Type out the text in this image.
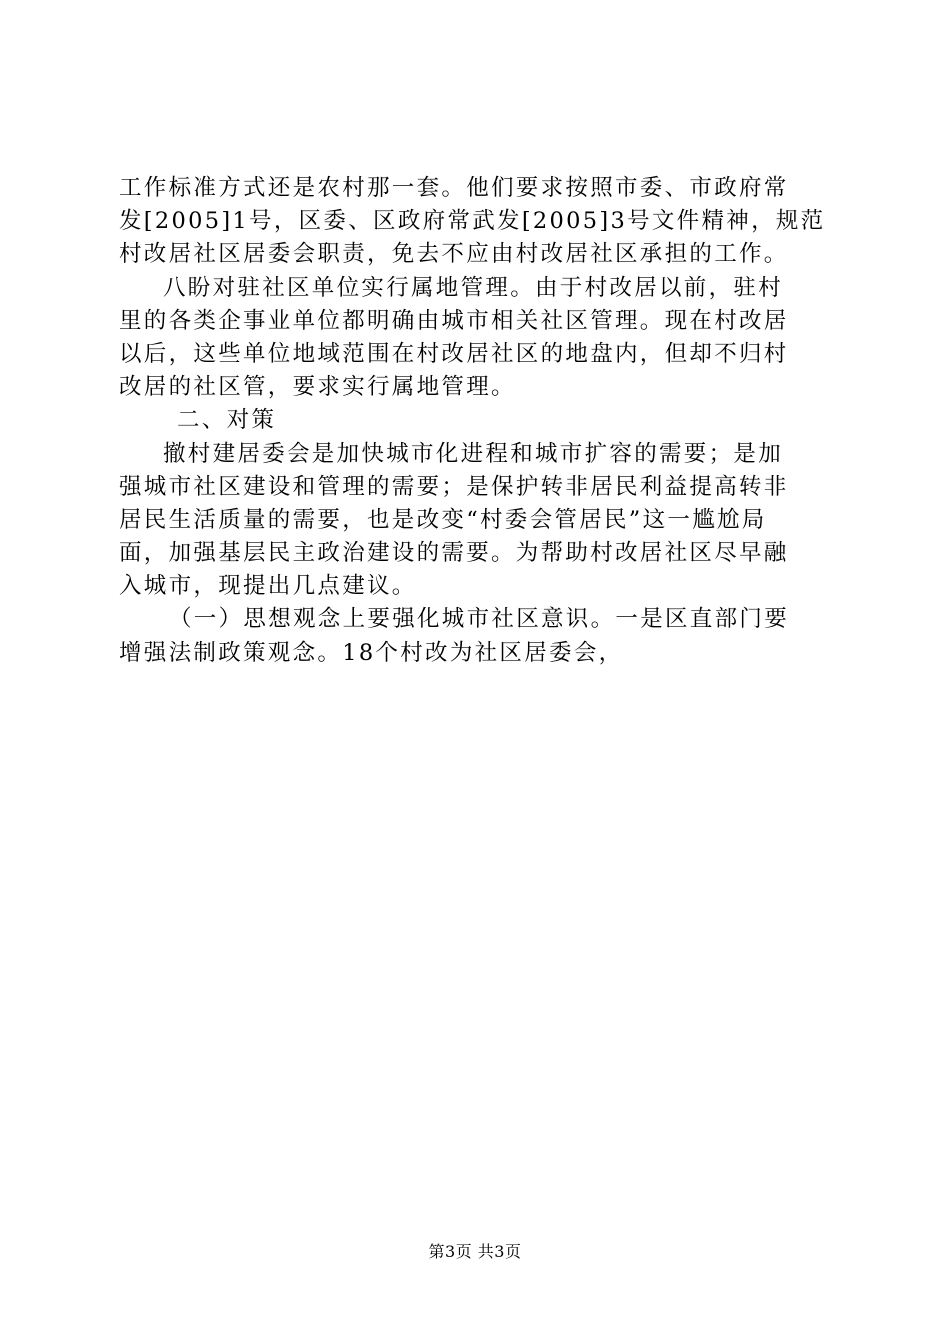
工作标准方式还是农村那一套。他们要求按照市委、市政府常
发[2005]1号，区委、区政府常武发[2005]3号文件精神，规范
村改居社区居委会职责，免去不应由村改居社区承担的工作。
八盼对驻社区单位实行属地管理。由于村改居以前，驻村
里的各类企事业单位都明确由城市相关社区管理。现在村改居
以后，这些单位地域范围在村改居社区的地盘内，但却不归村
改居的社区管，要求实行属地管理。
二、对策
撤村建居委会是加快城市化进程和城市扩容的需要；是加
强城市社区建设和管理的需要；是保护转非居民利益提高转非
居民生活质量的需要，也是改变“村委会管居民”这一尴尬局
面，加强基层民主政治建设的需要。为帮助村改居社区尽早融
入城市，现提出几点建议。
（一）思想观念上要强化城市社区意识。一是区直部门要
增强法制政策观念。18个村改为社区居委会，
第3页 共3页
